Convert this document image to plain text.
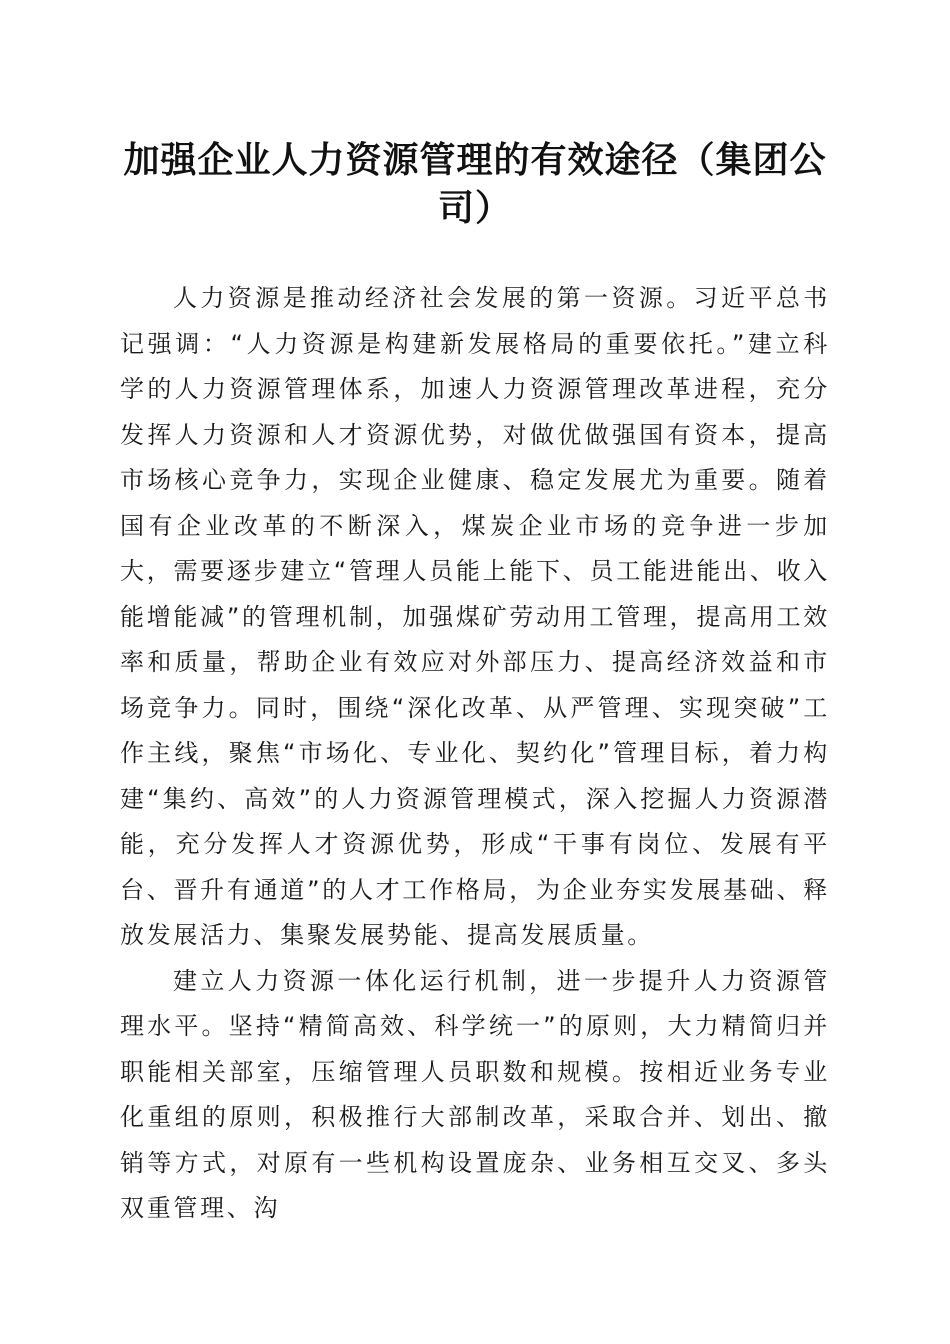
加强企业人力资源管理的有效途径（集团公司）

人力资源是推动经济社会发展的第一资源。习近平总书记强调：“人力资源是构建新发展格局的重要依托。”建立科学的人力资源管理体系，加速人力资源管理改革进程，充分发挥人力资源和人才资源优势，对做优做强国有资本，提高市场核心竞争力，实现企业健康、稳定发展尤为重要。随着国有企业改革的不断深入，煤炭企业市场的竞争进一步加大，需要逐步建立“管理人员能上能下、员工能进能出、收入能增能减”的管理机制，加强煤矿劳动用工管理，提高用工效率和质量，帮助企业有效应对外部压力、提高经济效益和市场竞争力。同时，围绕“深化改革、从严管理、实现突破”工作主线，聚焦“市场化、专业化、契约化”管理目标，着力构建“集约、高效”的人力资源管理模式，深入挖掘人力资源潜能，充分发挥人才资源优势，形成“干事有岗位、发展有平台、晋升有通道”的人才工作格局，为企业夯实发展基础、释放发展活力、集聚发展势能、提高发展质量。

建立人力资源一体化运行机制，进一步提升人力资源管理水平。坚持“精简高效、科学统一”的原则，大力精简归并职能相关部室，压缩管理人员职数和规模。按相近业务专业化重组的原则，积极推行大部制改革，采取合并、划出、撤销等方式，对原有一些机构设置庞杂、业务相互交叉、多头双重管理、沟
